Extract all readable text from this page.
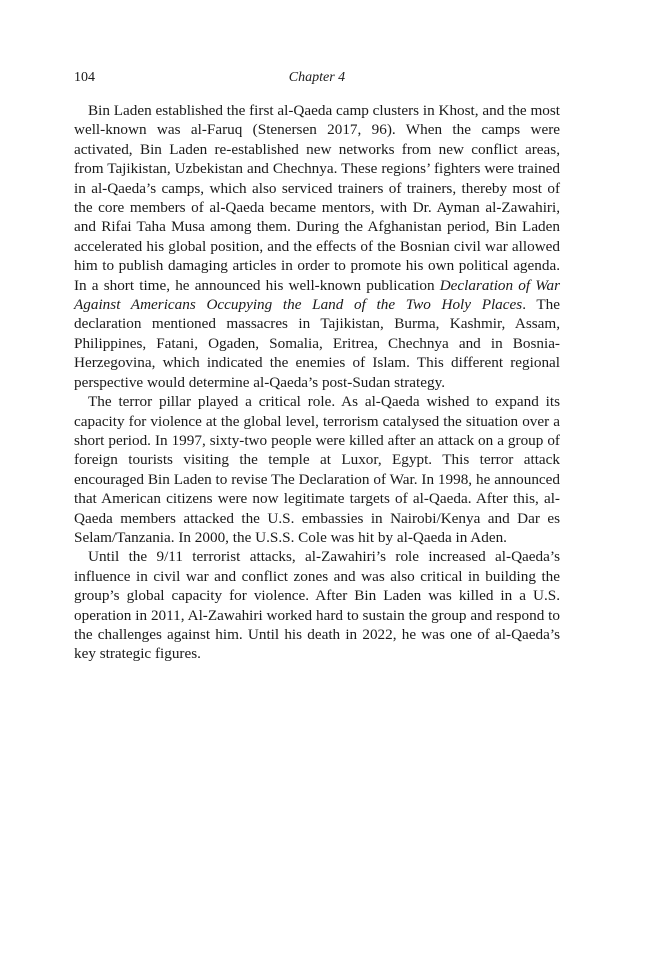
104	Chapter 4

Bin Laden established the first al-Qaeda camp clusters in Khost, and the most well-known was al-Faruq (Stenersen 2017, 96). When the camps were activated, Bin Laden re-established new networks from new conflict areas, from Tajikistan, Uzbekistan and Chechnya. These regions’ fighters were trained in al-Qaeda’s camps, which also serviced trainers of trainers, thereby most of the core members of al-Qaeda became mentors, with Dr. Ayman al-Zawahiri, and Rifai Taha Musa among them. During the Afghanistan period, Bin Laden accelerated his global position, and the effects of the Bosnian civil war allowed him to publish damaging articles in order to promote his own political agenda. In a short time, he announced his well-known publication Declaration of War Against Americans Occupying the Land of the Two Holy Places. The declaration mentioned massacres in Tajikistan, Burma, Kashmir, Assam, Philippines, Fatani, Ogaden, Somalia, Eritrea, Chechnya and in Bosnia-Herzegovina, which indicated the enemies of Islam. This different regional perspective would determine al-Qaeda’s post-Sudan strategy.

The terror pillar played a critical role. As al-Qaeda wished to expand its capacity for violence at the global level, terrorism catalysed the situation over a short period. In 1997, sixty-two people were killed after an attack on a group of foreign tourists visiting the temple at Luxor, Egypt. This terror attack encouraged Bin Laden to revise The Declaration of War. In 1998, he announced that American citizens were now legitimate targets of al-Qaeda. After this, al-Qaeda members attacked the U.S. embassies in Nairobi/Kenya and Dar es Selam/Tanzania. In 2000, the U.S.S. Cole was hit by al-Qaeda in Aden.

Until the 9/11 terrorist attacks, al-Zawahiri’s role increased al-Qaeda’s influence in civil war and conflict zones and was also critical in building the group’s global capacity for violence. After Bin Laden was killed in a U.S. operation in 2011, Al-Zawahiri worked hard to sustain the group and respond to the challenges against him. Until his death in 2022, he was one of al-Qaeda’s key strategic figures.
